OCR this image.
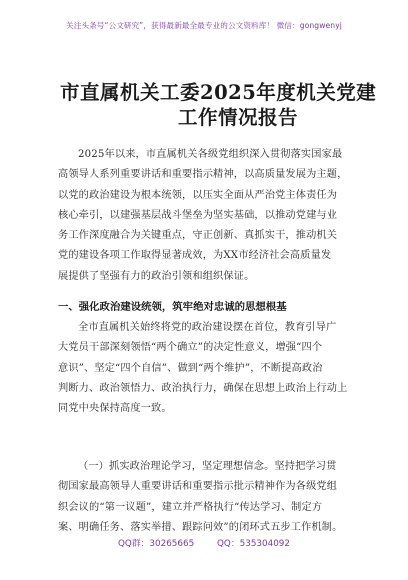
关注头条号“公文研究”，获得最新最全最专业的公文资料库！ 微信：gongwenyj
市直属机关工委2025年度机关党建
工作情况报告
2025年以来，市直属机关各级党组织深入贯彻落实国家最
高领导人系列重要讲话和重要指示精神，以高质量发展为主题，
以党的政治建设为根本统领，以压实全面从严治党主体责任为
核心牵引，以建强基层战斗堡垒为坚实基础，以推动党建与业
务工作深度融合为关键重点，守正创新、真抓实干，推动机关
党的建设各项工作取得显著成效，为XX市经济社会高质量发
展提供了坚强有力的政治引领和组织保证。
一、强化政治建设统领，筑牢绝对忠诚的思想根基
全市直属机关始终将党的政治建设摆在首位，教育引导广
大党员干部深刻领悟“两个确立”的决定性意义，增强“四个
意识”、坚定“四个自信”、做到“两个维护”，不断提高政治
判断力、政治领悟力、政治执行力，确保在思想上政治上行动上
同党中央保持高度一致。
（一）抓实政治理论学习，坚定理想信念。坚持把学习贯
彻国家最高领导人重要讲话和重要指示批示精神作为各级党组
织会议的“第一议题”，建立并严格执行“传达学习、制定方
案、明确任务、落实举措、跟踪问效”的闭环式五步工作机制。
QQ群：30265665	QQ：535304092
